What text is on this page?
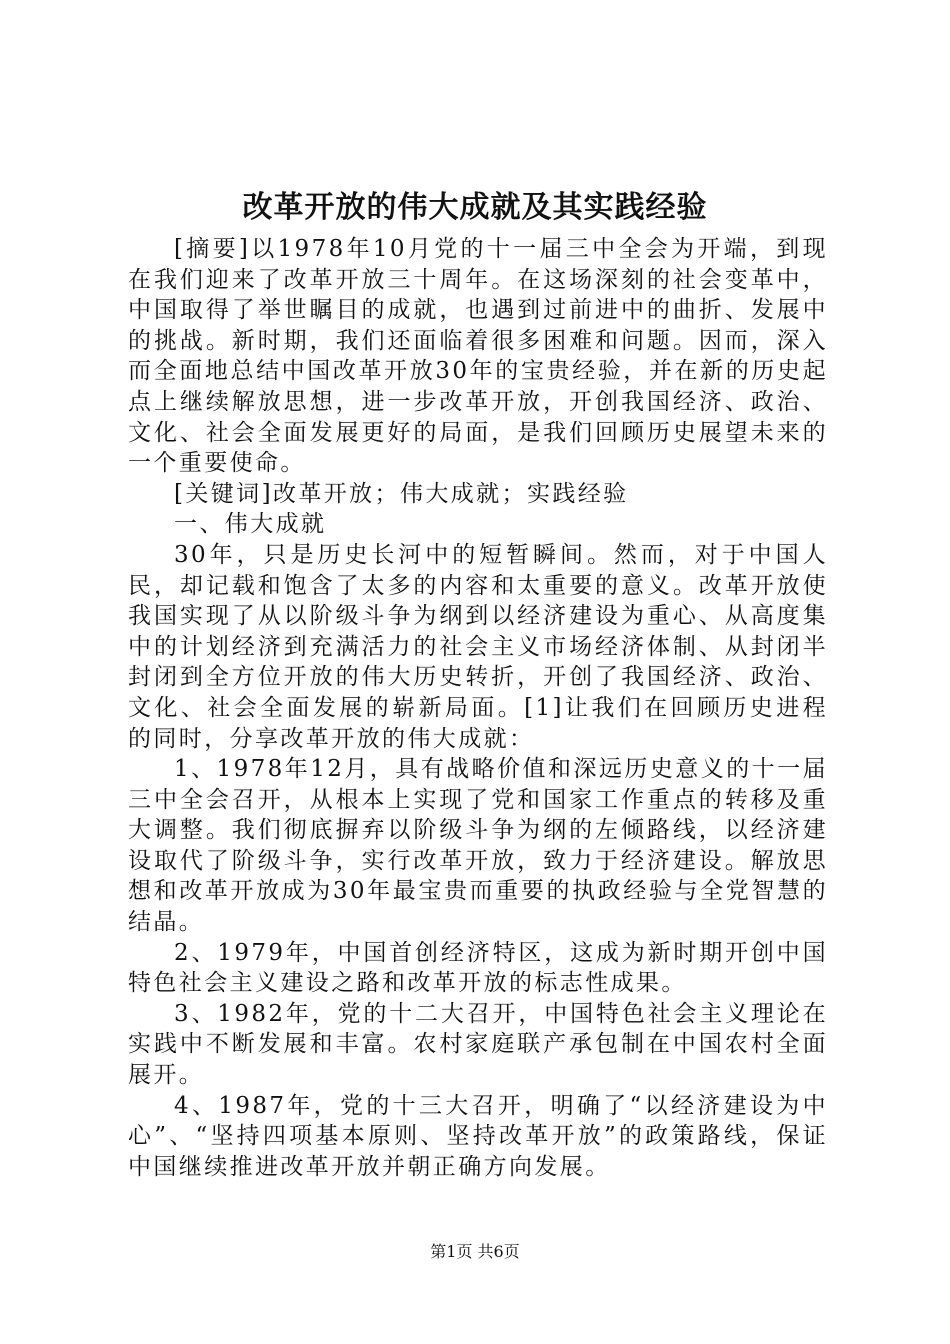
改革开放的伟大成就及其实践经验

[摘要]以1978年10月党的十一届三中全会为开端，到现在我们迎来了改革开放三十周年。在这场深刻的社会变革中，中国取得了举世瞩目的成就，也遇到过前进中的曲折、发展中的挑战。新时期，我们还面临着很多困难和问题。因而，深入而全面地总结中国改革开放30年的宝贵经验，并在新的历史起点上继续解放思想，进一步改革开放，开创我国经济、政治、文化、社会全面发展更好的局面，是我们回顾历史展望未来的一个重要使命。

[关键词]改革开放；伟大成就；实践经验

一、伟大成就

30年，只是历史长河中的短暂瞬间。然而，对于中国人民，却记载和饱含了太多的内容和太重要的意义。改革开放使我国实现了从以阶级斗争为纲到以经济建设为重心、从高度集中的计划经济到充满活力的社会主义市场经济体制、从封闭半封闭到全方位开放的伟大历史转折，开创了我国经济、政治、文化、社会全面发展的崭新局面。[1]让我们在回顾历史进程的同时，分享改革开放的伟大成就：

1、1978年12月，具有战略价值和深远历史意义的十一届三中全会召开，从根本上实现了党和国家工作重点的转移及重大调整。我们彻底摒弃以阶级斗争为纲的左倾路线，以经济建设取代了阶级斗争，实行改革开放，致力于经济建设。解放思想和改革开放成为30年最宝贵而重要的执政经验与全党智慧的结晶。

2、1979年，中国首创经济特区，这成为新时期开创中国特色社会主义建设之路和改革开放的标志性成果。

3、1982年，党的十二大召开，中国特色社会主义理论在实践中不断发展和丰富。农村家庭联产承包制在中国农村全面展开。

4、1987年，党的十三大召开，明确了“以经济建设为中心”、“坚持四项基本原则、坚持改革开放”的政策路线，保证中国继续推进改革开放并朝正确方向发展。

第1页 共6页
